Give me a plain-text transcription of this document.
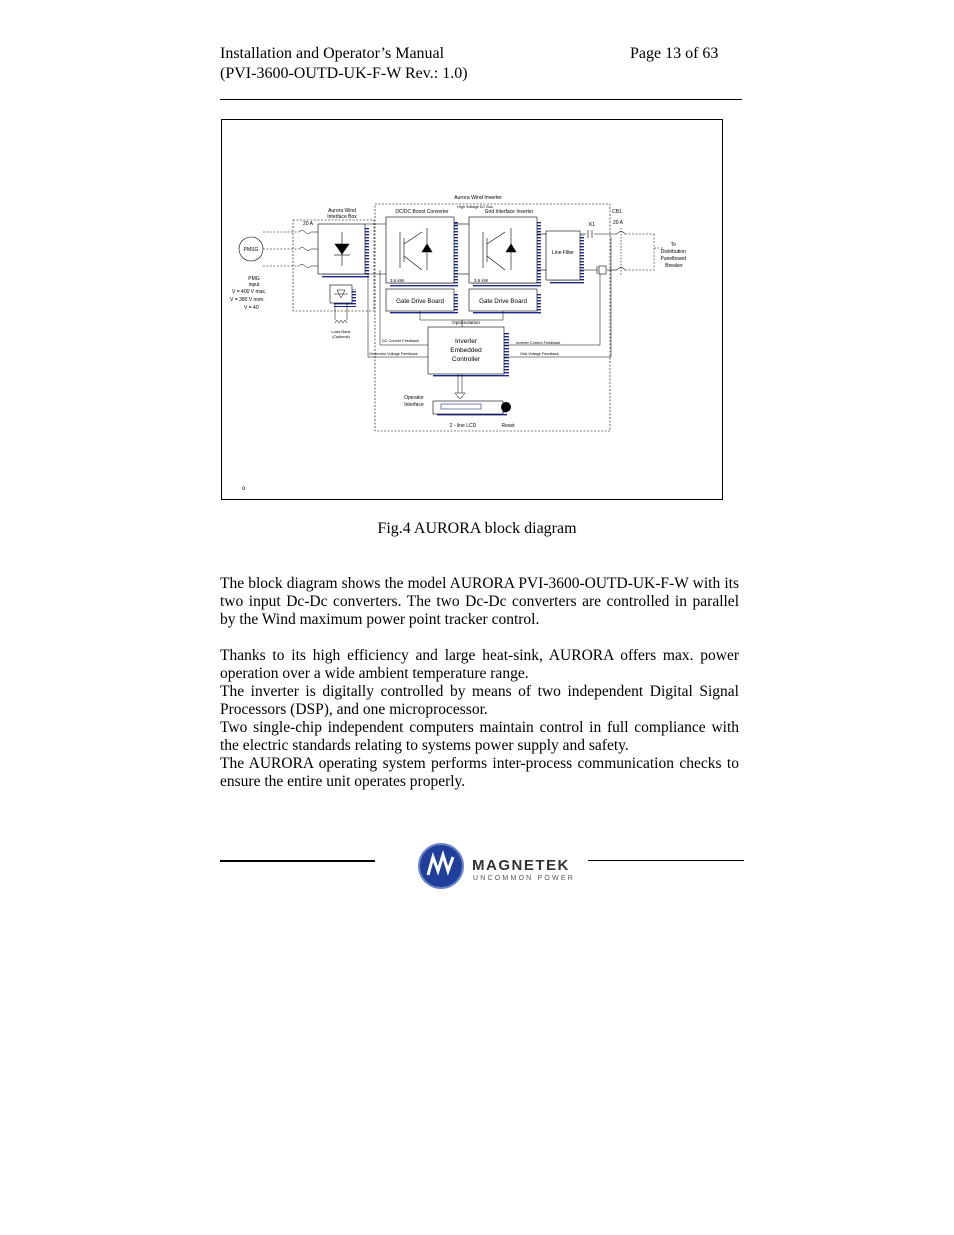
Installation and Operator’s Manual
(PVI-3600-OUTD-UK-F-W Rev.: 1.0)
Page 13 of 63
Aurora Wind Inverter
Aurora Wind Interface Box
20 A
DC/DC Boost Converter
High Voltage DC Bus
Grid Interface Inverter
PMSG
PMG
input
V = 400 V max.
V = 380 V nom.
V = 40
3.6 kW	3.6 kW
Line Filter
K1
CB1
20 A
To Distribution Panelboard Breaker
Gate Drive Board	Gate Drive Board
Load Bank
(Optional)
Optoisolation
Inverter
Embedded
Controller
DC Current Feedback
Generator Voltage Feedback
Inverter Current Feedback
Grid Voltage Feedback
Operator
Interface
2 - line LCD	Reset
o
Fig.4 AURORA block diagram

The block diagram shows the model AURORA PVI-3600-OUTD-UK-F-W with its two input Dc-Dc converters. The two Dc-Dc converters are controlled in parallel by the Wind maximum power point tracker control.

Thanks to its high efficiency and large heat-sink, AURORA offers max. power operation over a wide ambient temperature range.

The inverter is digitally controlled by means of two independent Digital Signal Processors (DSP), and one microprocessor.

Two single-chip independent computers maintain control in full compliance with the electric standards relating to systems power supply and safety.

The AURORA operating system performs inter-process communication checks to ensure the entire unit operates properly.

MAGNETEK
UNCOMMON POWER
